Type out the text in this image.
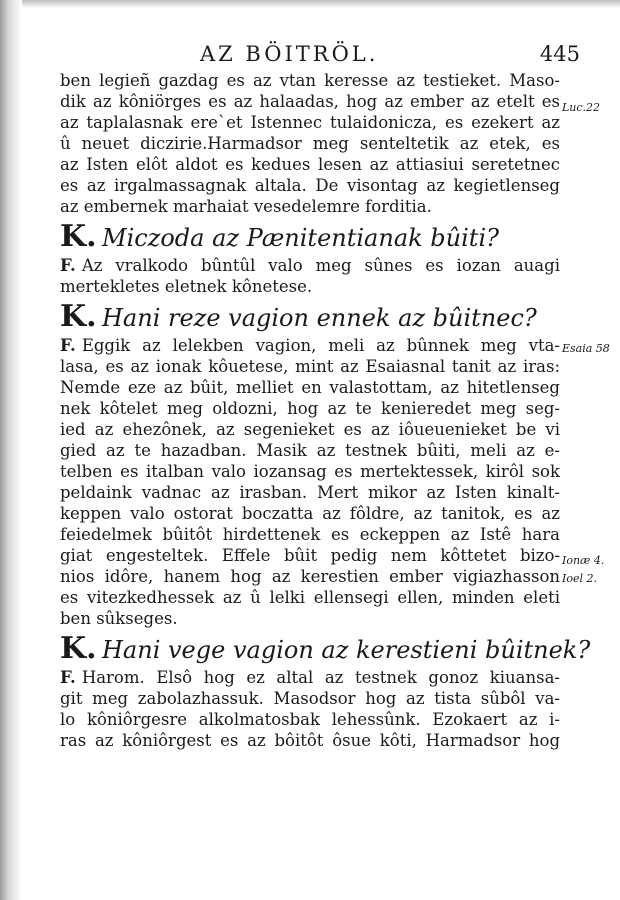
AZ BÖITRÖL.	445
ben legieñ gazdag es az vtan keresse az testieket. Maso-
dik az kôniörges es az halaadas, hog az ember az etelt es
az taplalasnak ere`et Istennec tulaidonicza, es ezekert az
û neuet diczirie.Harmadsor meg senteltetik az etek, es
az Isten elôt aldot es kedues lesen az attiasiui seretetnec
es az irgalmassagnak altala. De visontag az kegietlenseg
az embernek marhaiat vesedelemre forditia.
K. Miczoda az Pænitentianak bûiti?
F. Az vralkodo bûntûl valo meg sûnes es iozan auagi
mertekletes eletnek kônetese.
K. Hani reze vagion ennek az bûitnec?
F. Eggik az lelekben vagion, meli az bûnnek meg vta-
lasa, es az ionak kôuetese, mint az Esaiasnal tanit az iras:
Nemde eze az bûit, melliet en valastottam, az hitetlenseg
nek kôtelet meg oldozni, hog az te kenieredet meg seg-
ied az ehezônek, az segenieket es az iôueuenieket be vi
gied az te hazadban. Masik az testnek bûiti, meli az e-
telben es italban valo iozansag es mertektessek, kirôl sok
peldaink vadnac az irasban. Mert mikor az Isten kinalt-
keppen valo ostorat boczatta az fôldre, az tanitok, es az
feiedelmek bûitôt hirdettenek es eckeppen az Istê hara
giat engesteltek. Effele bûit pedig nem kôttetet bizo-
nios idôre, hanem hog az kerestien ember vigiazhasson
es vitezkedhessek az û lelki ellensegi ellen, minden eleti
ben sûkseges.
K. Hani vege vagion az kerestieni bûitnek?
F. Harom. Elsô hog ez altal az testnek gonoz kiuansa-
git meg zabolazhassuk. Masodsor hog az tista sûbôl va-
lo kôniôrgesre alkolmatosbak lehessûnk. Ezokaert az i-
ras az kôniôrgest es az bôitôt ôsue kôti, Harmadsor hog
Luc.22
Esaia 58
Ionæ 4.
Ioel 2.
